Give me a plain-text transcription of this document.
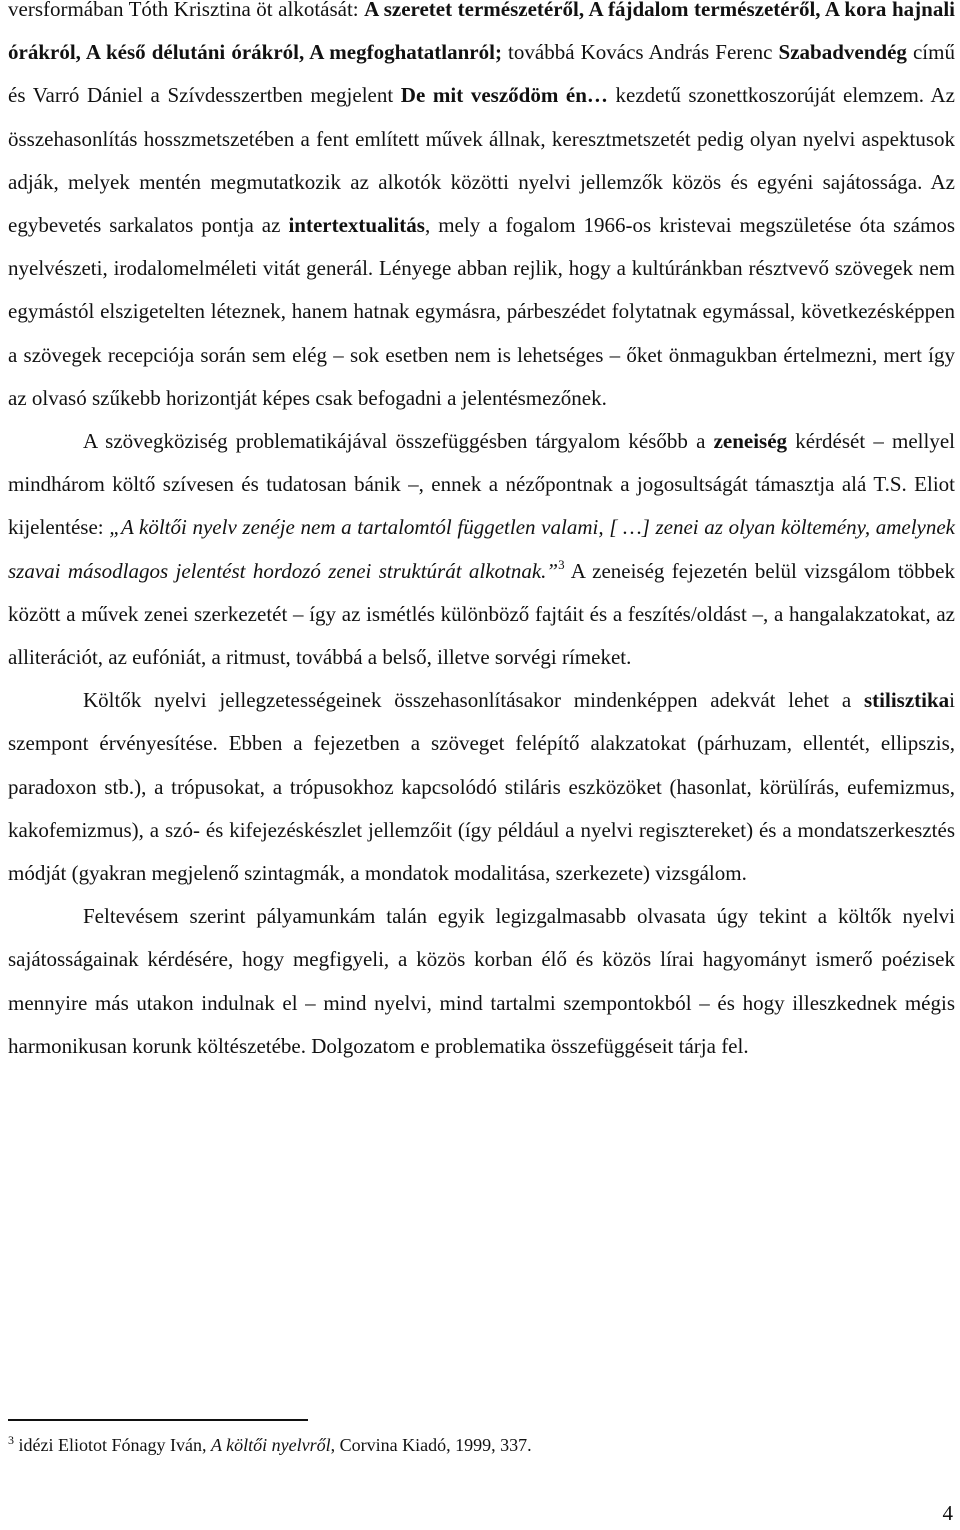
versformában Tóth Krisztina öt alkotását: A szeretet természetéről, A fájdalom természetéről, A kora hajnali órákról, A késő délutáni órákról, A megfoghatatlanról; továbbá Kovács András Ferenc Szabadvendég című és Varró Dániel a Szívdesszertben megjelent De mit vesződöm én… kezdetű szonettkoszorúját elemzem. Az összehasonlítás hosszmetszetében a fent említett művek állnak, keresztmetszetét pedig olyan nyelvi aspektusok adják, melyek mentén megmutatkozik az alkotók közötti nyelvi jellemzők közös és egyéni sajátossága. Az egybevetés sarkalatos pontja az intertextualitás, mely a fogalom 1966-os kristevai megszületése óta számos nyelvészeti, irodalomelméleti vitát generál. Lényege abban rejlik, hogy a kultúránkban résztvevő szövegek nem egymástól elszigetelten léteznek, hanem hatnak egymásra, párbeszédet folytatnak egymással, következésképpen a szövegek recepciója során sem elég – sok esetben nem is lehetséges – őket önmagukban értelmezni, mert így az olvasó szűkebb horizontját képes csak befogadni a jelentésmezőnek.

A szövegköziség problematikájával összefüggésben tárgyalom később a zeneiség kérdését – mellyel mindhárom költő szívesen és tudatosan bánik –, ennek a nézőpontnak a jogosultságát támasztja alá T.S. Eliot kijelentése: „A költői nyelv zenéje nem a tartalomtól független valami, [ …] zenei az olyan költemény, amelynek szavai másodlagos jelentést hordozó zenei struktúrát alkotnak.”$^3$ A zeneiség fejezetén belül vizsgálom többek között a művek zenei szerkezetét – így az ismétlés különböző fajtáit és a feszítés/oldást –, a hangalakzatokat, az alliterációt, az eufóniát, a ritmust, továbbá a belső, illetve sorvégi rímeket.

Költők nyelvi jellegzetességeinek összehasonlításakor mindenképpen adekvát lehet a stilisztikai szempont érvényesítése. Ebben a fejezetben a szöveget felépítő alakzatokat (párhuzam, ellentét, ellipszis, paradoxon stb.), a trópusokat, a trópusokhoz kapcsolódó stiláris eszközöket (hasonlat, körülírás, eufemizmus, kakofemizmus), a szó- és kifejezéskészlet jellemzőit (így például a nyelvi regisztereket) és a mondatszerkesztés módját (gyakran megjelenő szintagmák, a mondatok modalitása, szerkezete) vizsgálom.

Feltevésem szerint pályamunkám talán egyik legizgalmasabb olvasata úgy tekint a költők nyelvi sajátosságainak kérdésére, hogy megfigyeli, a közös korban élő és közös lírai hagyományt ismerő poézisek mennyire más utakon indulnak el – mind nyelvi, mind tartalmi szempontokból – és hogy illeszkednek mégis harmonikusan korunk költészetébe. Dolgozatom e problematika összefüggéseit tárja fel.

$^3$ idézi Eliotot Fónagy Iván, A költői nyelvről, Corvina Kiadó, 1999, 337.

4
